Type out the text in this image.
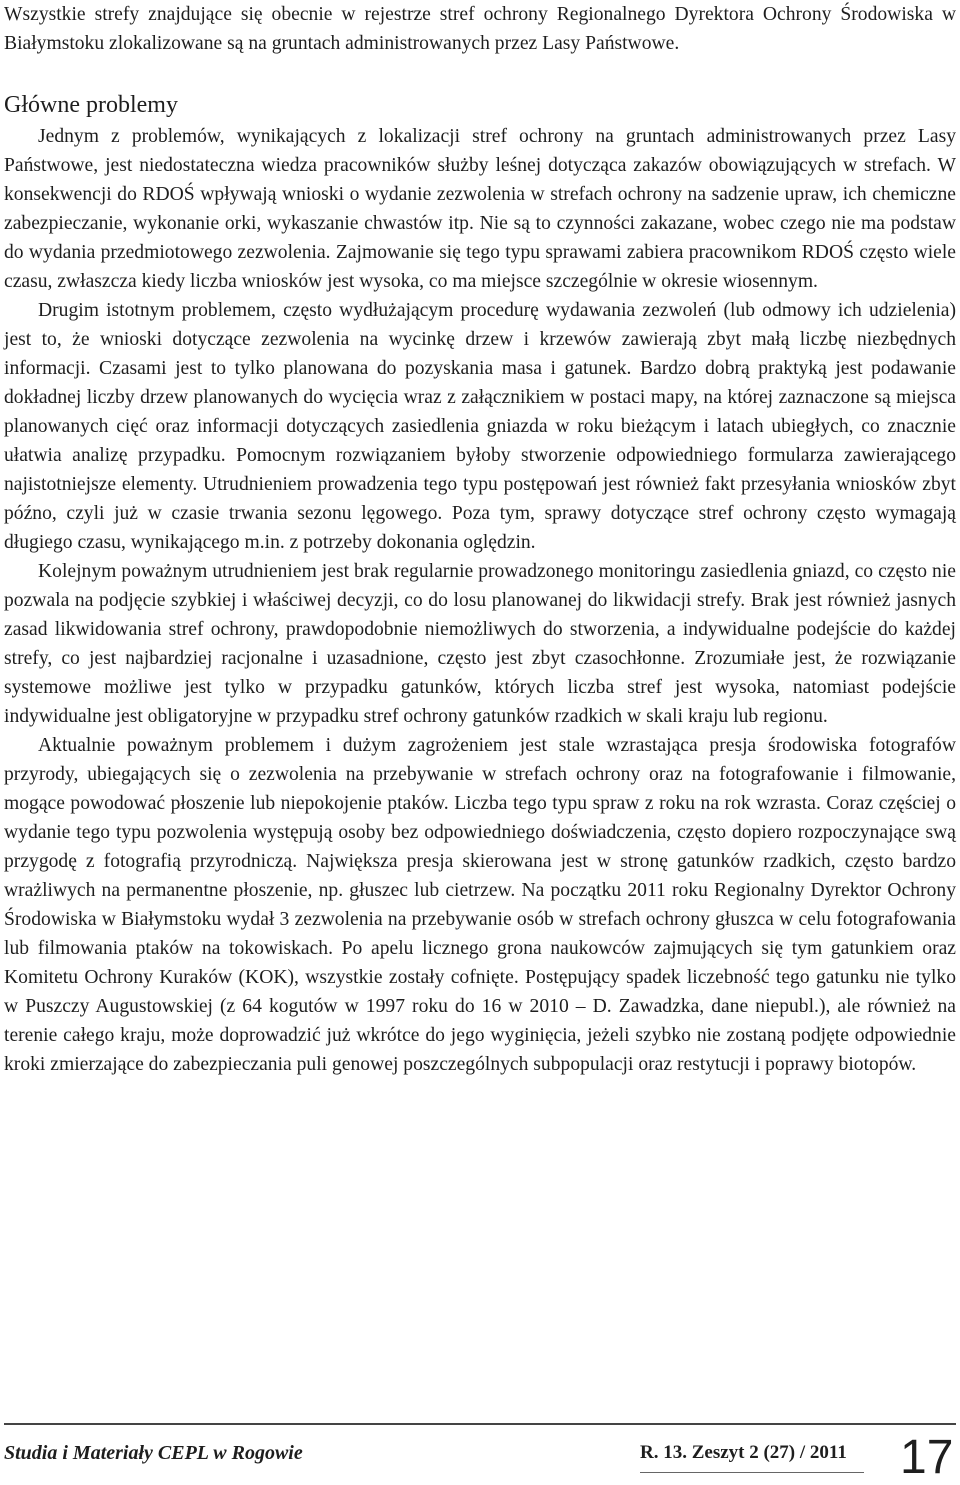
Wszystkie strefy znajdujące się obecnie w rejestrze stref ochrony Regionalnego Dyrektora Ochrony Środowiska w Białymstoku zlokalizowane są na gruntach administrowanych przez Lasy Państwowe.

Główne problemy

Jednym z problemów, wynikających z lokalizacji stref ochrony na gruntach administrowanych przez Lasy Państwowe, jest niedostateczna wiedza pracowników służby leśnej dotycząca zakazów obowiązujących w strefach. W konsekwencji do RDOŚ wpływają wnioski o wydanie zezwolenia w strefach ochrony na sadzenie upraw, ich chemiczne zabezpieczanie, wykonanie orki, wykaszanie chwastów itp. Nie są to czynności zakazane, wobec czego nie ma podstaw do wydania przedmiotowego zezwolenia. Zajmowanie się tego typu sprawami zabiera pracownikom RDOŚ często wiele czasu, zwłaszcza kiedy liczba wniosków jest wysoka, co ma miejsce szczególnie w okresie wiosennym.

Drugim istotnym problemem, często wydłużającym procedurę wydawania zezwoleń (lub odmowy ich udzielenia) jest to, że wnioski dotyczące zezwolenia na wycinkę drzew i krzewów zawierają zbyt małą liczbę niezbędnych informacji. Czasami jest to tylko planowana do pozyskania masa i gatunek. Bardzo dobrą praktyką jest podawanie dokładnej liczby drzew planowanych do wycięcia wraz z załącznikiem w postaci mapy, na której zaznaczone są miejsca planowanych cięć oraz informacji dotyczących zasiedlenia gniazda w roku bieżącym i latach ubiegłych, co znacznie ułatwia analizę przypadku. Pomocnym rozwiązaniem byłoby stworzenie odpowiedniego formularza zawierającego najistotniejsze elementy. Utrudnieniem prowadzenia tego typu postępowań jest również fakt przesyłania wniosków zbyt późno, czyli już w czasie trwania sezonu lęgowego. Poza tym, sprawy dotyczące stref ochrony często wymagają długiego czasu, wynikającego m.in. z potrzeby dokonania oględzin.

Kolejnym poważnym utrudnieniem jest brak regularnie prowadzonego monitoringu zasiedlenia gniazd, co często nie pozwala na podjęcie szybkiej i właściwej decyzji, co do losu planowanej do likwidacji strefy. Brak jest również jasnych zasad likwidowania stref ochrony, prawdopodobnie niemożliwych do stworzenia, a indywidualne podejście do każdej strefy, co jest najbardziej racjonalne i uzasadnione, często jest zbyt czasochłonne. Zrozumiałe jest, że rozwiązanie systemowe możliwe jest tylko w przypadku gatunków, których liczba stref jest wysoka, natomiast podejście indywidualne jest obligatoryjne w przypadku stref ochrony gatunków rzadkich w skali kraju lub regionu.

Aktualnie poważnym problemem i dużym zagrożeniem jest stale wzrastająca presja środowiska fotografów przyrody, ubiegających się o zezwolenia na przebywanie w strefach ochrony oraz na fotografowanie i filmowanie, mogące powodować płoszenie lub niepokojenie ptaków. Liczba tego typu spraw z roku na rok wzrasta. Coraz częściej o wydanie tego typu pozwolenia występują osoby bez odpowiedniego doświadczenia, często dopiero rozpoczynające swą przygodę z fotografią przyrodniczą. Największa presja skierowana jest w stronę gatunków rzadkich, często bardzo wrażliwych na permanentne płoszenie, np. głuszec lub cietrzew. Na początku 2011 roku Regionalny Dyrektor Ochrony Środowiska w Białymstoku wydał 3 zezwolenia na przebywanie osób w strefach ochrony głuszca w celu fotografowania lub filmowania ptaków na tokowiskach. Po apelu licznego grona naukowców zajmujących się tym gatunkiem oraz Komitetu Ochrony Kuraków (KOK), wszystkie zostały cofnięte. Postępujący spadek liczebność tego gatunku nie tylko w Puszczy Augustowskiej (z 64 kogutów w 1997 roku do 16 w 2010 – D. Zawadzka, dane niepubl.), ale również na terenie całego kraju, może doprowadzić już wkrótce do jego wyginięcia, jeżeli szybko nie zostaną podjęte odpowiednie kroki zmierzające do zabezpieczania puli genowej poszczególnych subpopulacji oraz restytucji i poprawy biotopów.

Studia i Materiały CEPL w Rogowie	R. 13. Zeszyt 2 (27) / 2011 17
